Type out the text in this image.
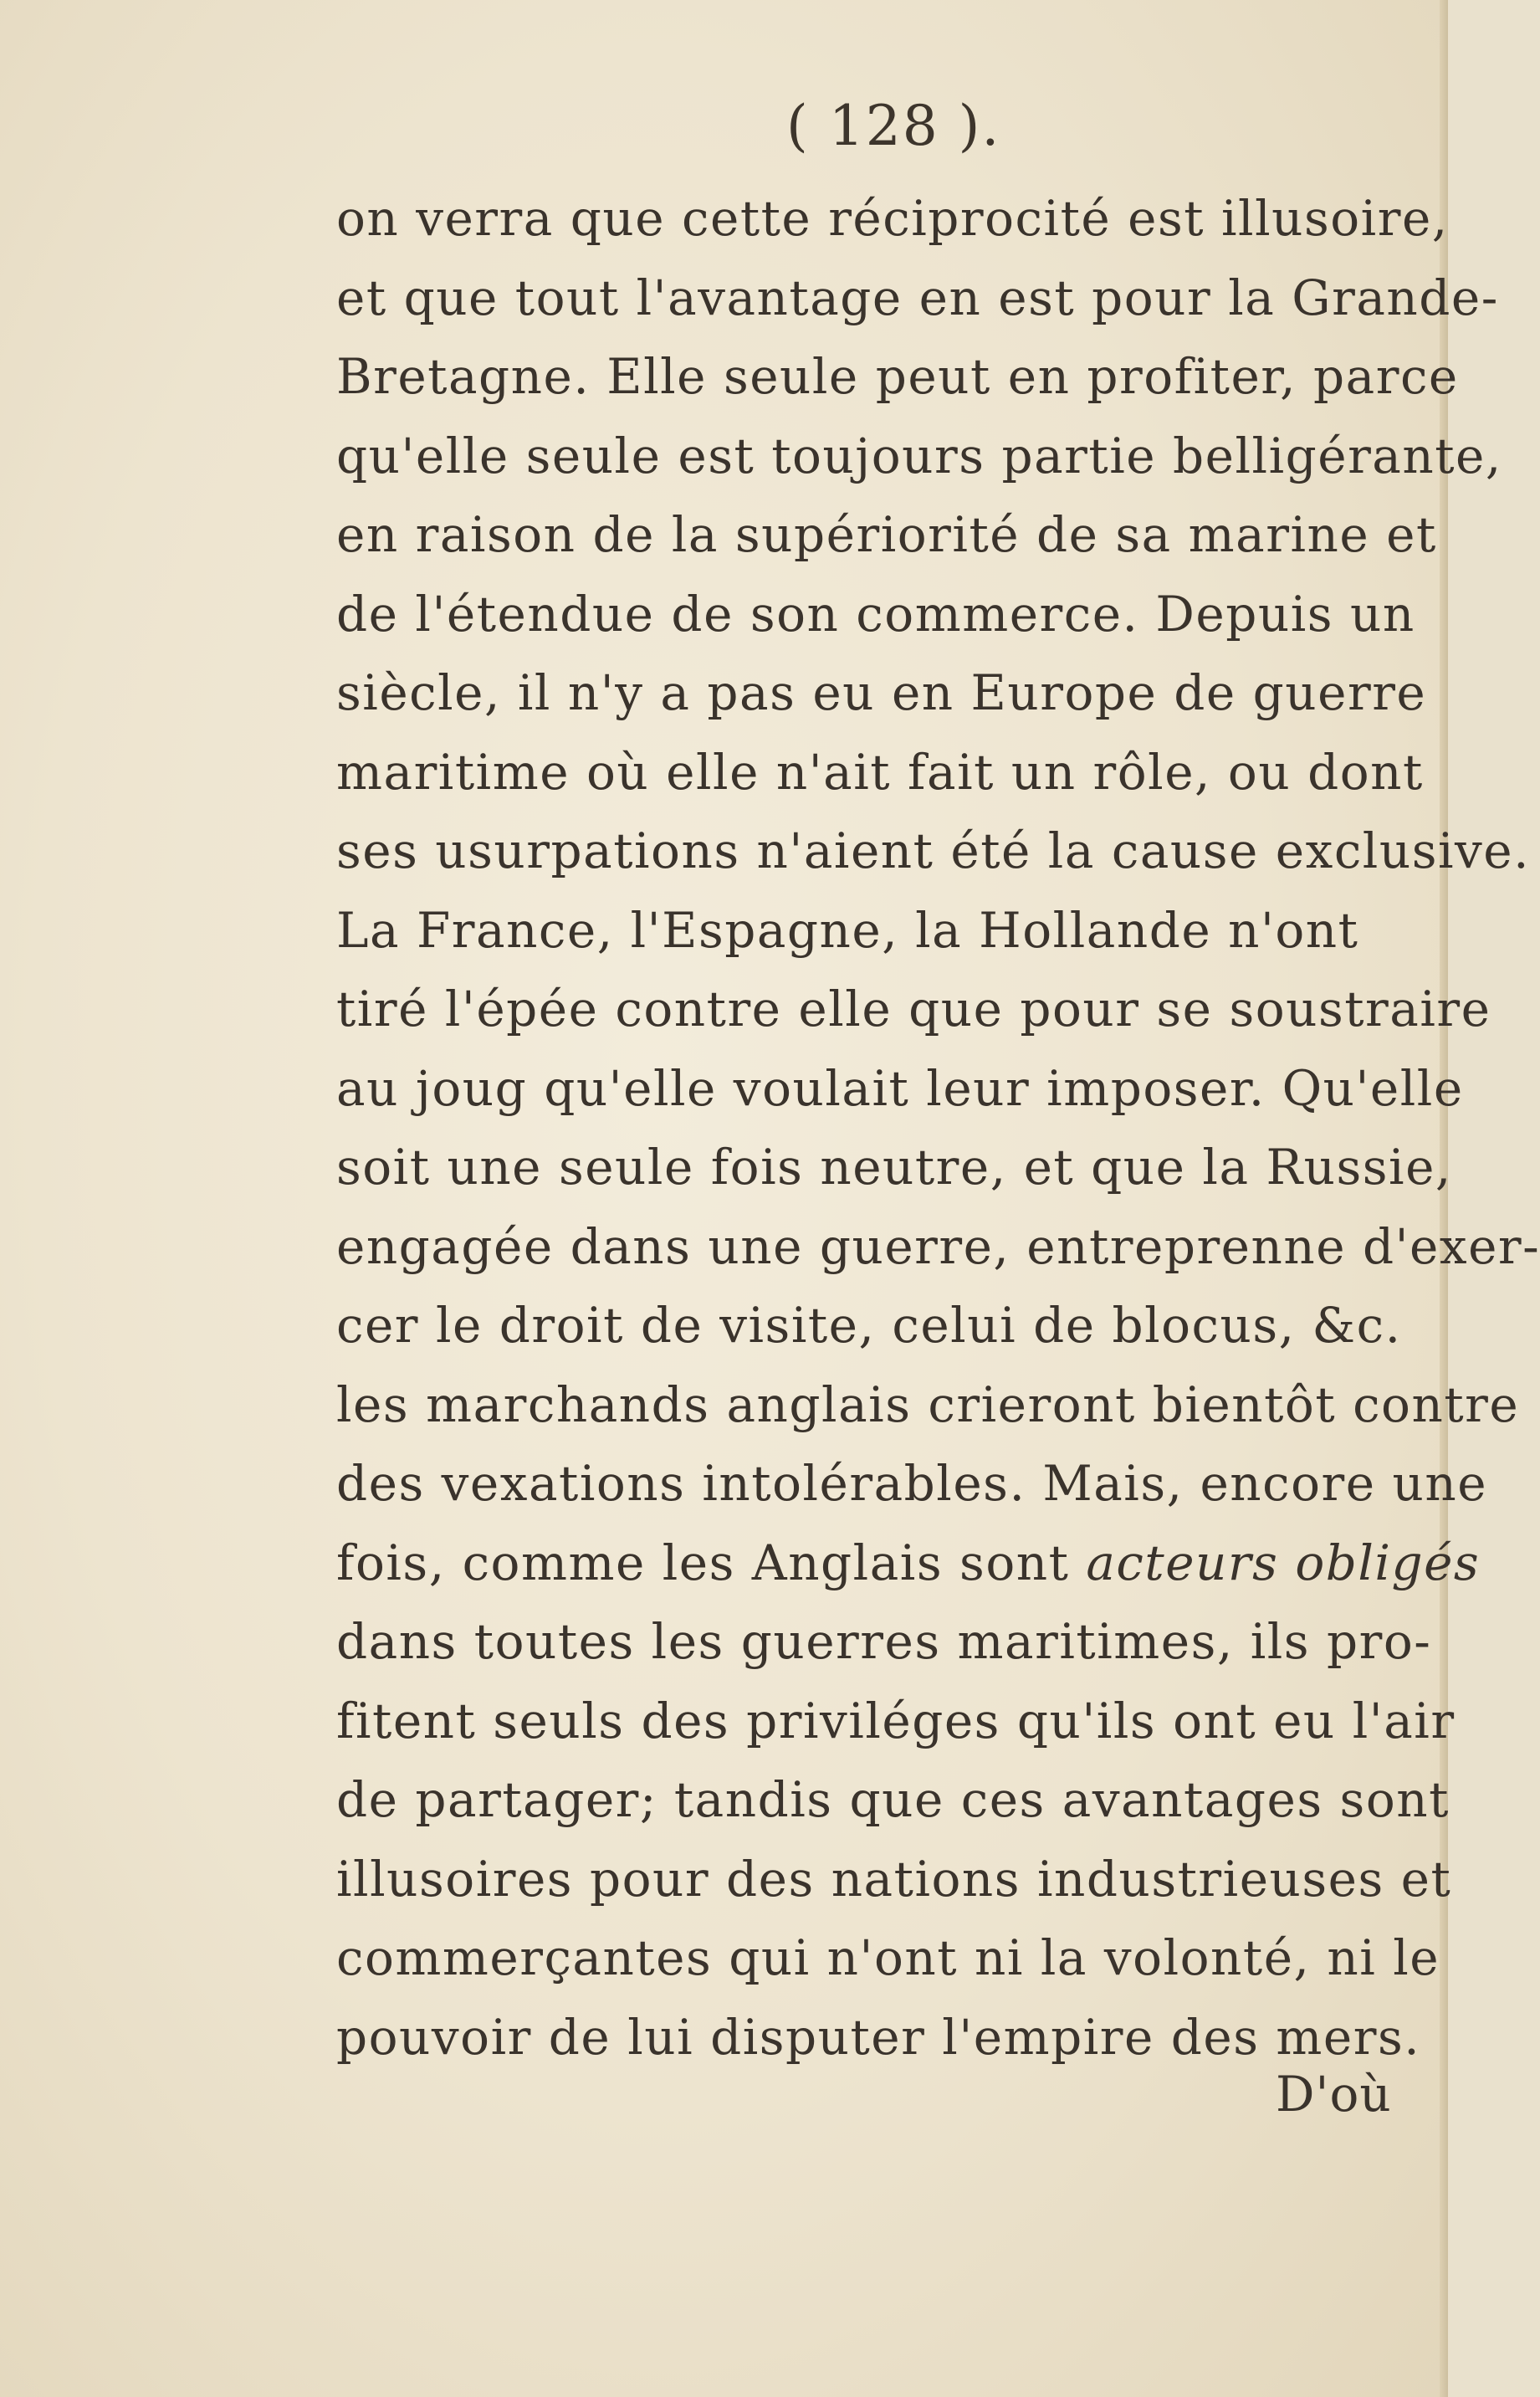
( 128 ).
on verra que cette réciprocité est illusoire,
et que tout l'avantage en est pour la Grande-
Bretagne. Elle seule peut en profiter, parce
qu'elle seule est toujours partie belligérante,
en raison de la supériorité de sa marine et
de l'étendue de son commerce. Depuis un
siècle, il n'y a pas eu en Europe de guerre
maritime où elle n'ait fait un rôle, ou dont
ses usurpations n'aient été la cause exclusive.
La France, l'Espagne, la Hollande n'ont
tiré l'épée contre elle que pour se soustraire
au joug qu'elle voulait leur imposer. Qu'elle
soit une seule fois neutre, et que la Russie,
engagée dans une guerre, entreprenne d'exer-
cer le droit de visite, celui de blocus, &c.
les marchands anglais crieront bientôt contre
des vexations intolérables. Mais, encore une
fois, comme les Anglais sont acteurs obligés
dans toutes les guerres maritimes, ils pro-
fitent seuls des priviléges qu'ils ont eu l'air
de partager; tandis que ces avantages sont
illusoires pour des nations industrieuses et
commerçantes qui n'ont ni la volonté, ni le
pouvoir de lui disputer l'empire des mers.
D'où
